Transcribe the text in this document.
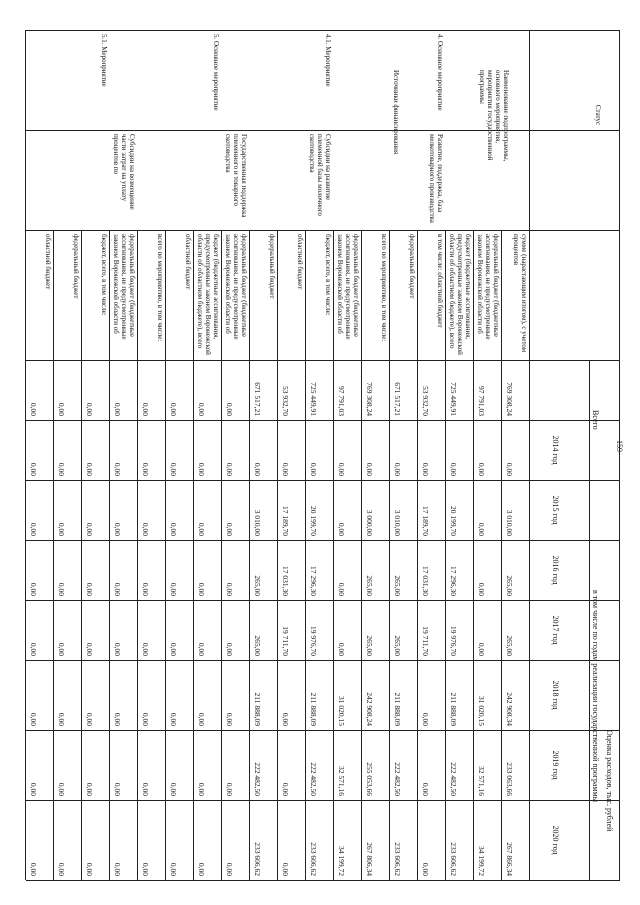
159
Оценка расходов, тыс. рублей
Статус
Наименование подпрограммы, основного мероприятия, мероприятия государственной программы
Источники финансирования
Всего
в том числе по годам реализации государственной программы
2014 год
2015 год
2016 год
2017 год
2018 год
2019 год
2020 год
сумме (нарастающим итогом), с учетом процентов
769 308,24
0,00
3 010,00
265,00
265,00
242 908,34
233 063,66
267 866,34
федеральный бюджет (бюджетные ассигнования, не предусмотренные законом Воронежской области об
97 791,03
0,00
0,00
0,00
0,00
31 020,15
32 571,16
34 199,72
бюджет (бюджетные ассигнования, предусмотренные законом Воронежской области об областном бюджете), всего
725 449,91
0,00
20 199,70
17 296,30
19 976,70
211 888,09
222 482,50
233 606,62
4. Основное мероприятие
Развитие, поддержка, база мелкотоварного производства
в том числе: областной бюджет
53 932,70
0,00
17 189,70
17 031,30
19 711,70
0,00
0,00
0,00
федеральный бюджет
671 517,21
0,00
3 010,00
265,00
265,00
211 888,09
222 482,50
233 606,62
всего по мероприятию, в том числе:
769 308,24
0,00
3 000,00
265,00
265,00
242 908,24
255 053,66
267 806,34
федеральный бюджет (бюджетные ассигнования, не предусмотренные законом Воронежской области об
97 791,03
0,00
0,00
0,00
0,00
31 020,15
32 571,16
34 199,72
4.1. Мероприятие
Субсидии на развитие племенной базы молочного скотоводства
бюджет, всего, в том числе:
725 449,91
0,00
20 199,70
17 296,30
19 976,70
211 888,09
222 482,50
233 606,62
областной бюджет
53 932,70
0,00
17 189,70
17 031,30
19 711,70
0,00
0,00
0,00
федеральный бюджет
671 517,21
0,00
3 010,00
265,00
265,00
211 888,09
222 482,50
233 606,62
Государственная поддержка племенного и товарного скотоводства
федеральный бюджет (бюджетные ассигнования, не предусмотренные законом Воронежской области об
0,00
0,00
0,00
0,00
0,00
0,00
0,00
0,00
5. Основное мероприятие
бюджет (бюджетные ассигнования, предусмотренные законом Воронежской области об областном бюджете), всего
0,00
0,00
0,00
0,00
0,00
0,00
0,00
0,00
областной бюджет
0,00
0,00
0,00
0,00
0,00
0,00
0,00
0,00
всего по мероприятию, в том числе:
0,00
0,00
0,00
0,00
0,00
0,00
0,00
0,00
Субсидии на возмещение части затрат на уплату процентов по
федеральный бюджет (бюджетные ассигнования, не предусмотренные законом Воронежской области об
0,00
0,00
0,00
0,00
0,00
0,00
0,00
0,00
5.1. Мероприятие
бюджет, всего, в том числе:
0,00
0,00
0,00
0,00
0,00
0,00
0,00
0,00
федеральный бюджет
0,00
0,00
0,00
0,00
0,00
0,00
0,00
0,00
областной бюджет
0,00
0,00
0,00
0,00
0,00
0,00
0,00
0,00
